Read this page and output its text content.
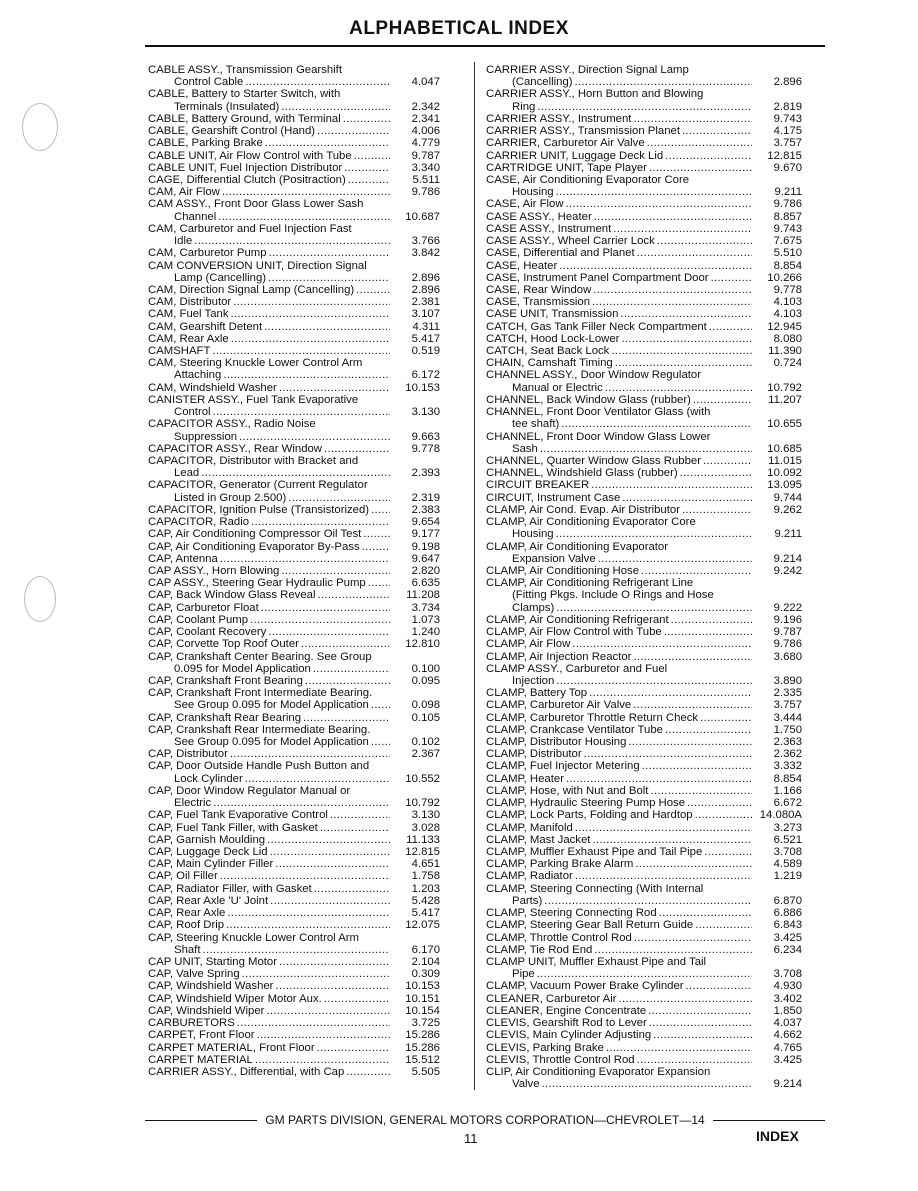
ALPHABETICAL INDEX
CABLE ASSY., Transmission Gearshift
Control Cable .....	4.047
CABLE, Battery to Starter Switch, with
Terminals (Insulated) .....	2.342
CABLE, Battery Ground, with Terminal .....	2.341
CABLE, Gearshift Control (Hand) .....	4.006
CABLE, Parking Brake .....	4.779
CABLE UNIT, Air Flow Control with Tube .....	9.787
CABLE UNIT, Fuel Injection Distributor .....	3.340
CAGE, Differential Clutch (Positraction) .....	5.511
CAM, Air Flow .....	9.786
CAM ASSY., Front Door Glass Lower Sash
Channel .....	10.687
CAM, Carburetor and Fuel Injection Fast
Idle .....	3.766
CAM, Carburetor Pump .....	3.842
CAM CONVERSION UNIT, Direction Signal
Lamp (Cancelling) .....	2.896
CAM, Direction Signal Lamp (Cancelling) .....	2.896
CAM, Distributor .....	2.381
CAM, Fuel Tank .....	3.107
CAM, Gearshift Detent .....	4.311
CAM, Rear Axle .....	5.417
CAMSHAFT .....	0.519
CAM, Steering Knuckle Lower Control Arm
Attaching .....	6.172
CAM, Windshield Washer .....	10.153
CANISTER ASSY., Fuel Tank Evaporative
Control .....	3.130
CAPACITOR ASSY., Radio Noise
Suppression .....	9.663
CAPACITOR ASSY., Rear Window .....	9.778
CAPACITOR, Distributor with Bracket and
Lead .....	2.393
CAPACITOR, Generator (Current Regulator
Listed in Group 2.500) .....	2.319
CAPACITOR, Ignition Pulse (Transistorized) .....	2.383
CAPACITOR, Radio .....	9.654
CAP, Air Conditioning Compressor Oil Test .....	9.177
CAP, Air Conditioning Evaporator By-Pass .....	9.198
CAP, Antenna .....	9.647
CAP ASSY., Horn Blowing .....	2.820
CAP ASSY., Steering Gear Hydraulic Pump .....	6.635
CAP, Back Window Glass Reveal .....	11.208
CAP, Carburetor Float .....	3.734
CAP, Coolant Pump .....	1.073
CAP, Coolant Recovery .....	1.240
CAP, Corvette Top Roof Outer .....	12.810
CAP, Crankshaft Center Bearing. See Group
0.095 for Model Application .....	0.100
CAP, Crankshaft Front Bearing .....	0.095
CAP, Crankshaft Front Intermediate Bearing.
See Group 0.095 for Model Application .....	0.098
CAP, Crankshaft Rear Bearing .....	0.105
CAP, Crankshaft Rear Intermediate Bearing.
See Group 0.095 for Model Application .....	0.102
CAP, Distributor .....	2.367
CAP, Door Outside Handle Push Button and
Lock Cylinder .....	10.552
CAP, Door Window Regulator Manual or
Electric .....	10.792
CAP, Fuel Tank Evaporative Control .....	3.130
CAP, Fuel Tank Filler, with Gasket .....	3.028
CAP, Garnish Moulding .....	11.133
CAP, Luggage Deck Lid .....	12.815
CAP, Main Cylinder Filler .....	4.651
CAP, Oil Filler .....	1.758
CAP, Radiator Filler, with Gasket .....	1.203
CAP, Rear Axle 'U' Joint .....	5.428
CAP, Rear Axle .....	5.417
CAP, Roof Drip .....	12.075
CAP, Steering Knuckle Lower Control Arm
Shaft .....	6.170
CAP UNIT, Starting Motor .....	2.104
CAP, Valve Spring .....	0.309
CAP, Windshield Washer .....	10.153
CAP, Windshield Wiper Motor Aux. .....	10.151
CAP, Windshield Wiper .....	10.154
CARBURETORS .....	3.725
CARPET, Front Floor .....	15.286
CARPET MATERIAL, Front Floor .....	15.286
CARPET MATERIAL .....	15.512
CARRIER ASSY., Differential, with Cap .....	5.505
CARRIER ASSY., Direction Signal Lamp
(Cancelling) .....	2.896
CARRIER ASSY., Horn Button and Blowing
Ring .....	2.819
CARRIER ASSY., Instrument .....	9.743
CARRIER ASSY., Transmission Planet .....	4.175
CARRIER, Carburetor Air Valve .....	3.757
CARRIER UNIT, Luggage Deck Lid .....	12.815
CARTRIDGE UNIT, Tape Player .....	9.670
CASE, Air Conditioning Evaporator Core
Housing .....	9.211
CASE, Air Flow .....	9.786
CASE ASSY., Heater .....	8.857
CASE ASSY., Instrument .....	9.743
CASE ASSY., Wheel Carrier Lock .....	7.675
CASE, Differential and Planet .....	5.510
CASE, Heater .....	8.854
CASE, Instrument Panel Compartment Door .....	10.266
CASE, Rear Window .....	9.778
CASE, Transmission .....	4.103
CASE UNIT, Transmission .....	4.103
CATCH, Gas Tank Filler Neck Compartment .....	12.945
CATCH, Hood Lock-Lower .....	8.080
CATCH, Seat Back Lock .....	11.390
CHAIN, Camshaft Timing .....	0.724
CHANNEL ASSY., Door Window Regulator
Manual or Electric .....	10.792
CHANNEL, Back Window Glass (rubber) .....	11.207
CHANNEL, Front Door Ventilator Glass (with
tee shaft) .....	10.655
CHANNEL, Front Door Window Glass Lower
Sash .....	10.685
CHANNEL, Quarter Window Glass Rubber .....	11.015
CHANNEL, Windshield Glass (rubber) .....	10.092
CIRCUIT BREAKER .....	13.095
CIRCUIT, Instrument Case .....	9.744
CLAMP, Air Cond. Evap. Air Distributor .....	9.262
CLAMP, Air Conditioning Evaporator Core
Housing .....	9.211
CLAMP, Air Conditioning Evaporator
Expansion Valve .....	9.214
CLAMP, Air Conditioning Hose .....	9.242
CLAMP, Air Conditioning Refrigerant Line
(Fitting Pkgs. Include O Rings and Hose
Clamps) .....	9.222
CLAMP, Air Conditioning Refrigerant .....	9.196
CLAMP, Air Flow Control with Tube .....	9.787
CLAMP, Air Flow .....	9.786
CLAMP, Air Injection Reactor .....	3.680
CLAMP ASSY., Carburetor and Fuel
Injection .....	3.890
CLAMP, Battery Top .....	2.335
CLAMP, Carburetor Air Valve .....	3.757
CLAMP, Carburetor Throttle Return Check .....	3.444
CLAMP, Crankcase Ventilator Tube .....	1.750
CLAMP, Distributor Housing .....	2.363
CLAMP, Distributor .....	2.362
CLAMP, Fuel Injector Metering .....	3.332
CLAMP, Heater .....	8.854
CLAMP, Hose, with Nut and Bolt .....	1.166
CLAMP, Hydraulic Steering Pump Hose .....	6.672
CLAMP, Lock Parts, Folding and Hardtop .....	14.080A
CLAMP, Manifold .....	3.273
CLAMP, Mast Jacket .....	6.521
CLAMP, Muffler Exhaust Pipe and Tail Pipe .....	3.708
CLAMP, Parking Brake Alarm .....	4.589
CLAMP, Radiator .....	1.219
CLAMP, Steering Connecting (With Internal
Parts) .....	6.870
CLAMP, Steering Connecting Rod .....	6.886
CLAMP, Steering Gear Ball Return Guide .....	6.843
CLAMP, Throttle Control Rod .....	3.425
CLAMP, Tie Rod End .....	6.234
CLAMP UNIT, Muffler Exhaust Pipe and Tail
Pipe .....	3.708
CLAMP, Vacuum Power Brake Cylinder .....	4.930
CLEANER, Carburetor Air .....	3.402
CLEANER, Engine Concentrate .....	1.850
CLEVIS, Gearshift Rod to Lever .....	4.037
CLEVIS, Main Cylinder Adjusting .....	4.662
CLEVIS, Parking Brake .....	4.765
CLEVIS, Throttle Control Rod .....	3.425
CLIP, Air Conditioning Evaporator Expansion
Valve .....	9.214
GM PARTS DIVISION, GENERAL MOTORS CORPORATION—CHEVROLET—14
11	INDEX
